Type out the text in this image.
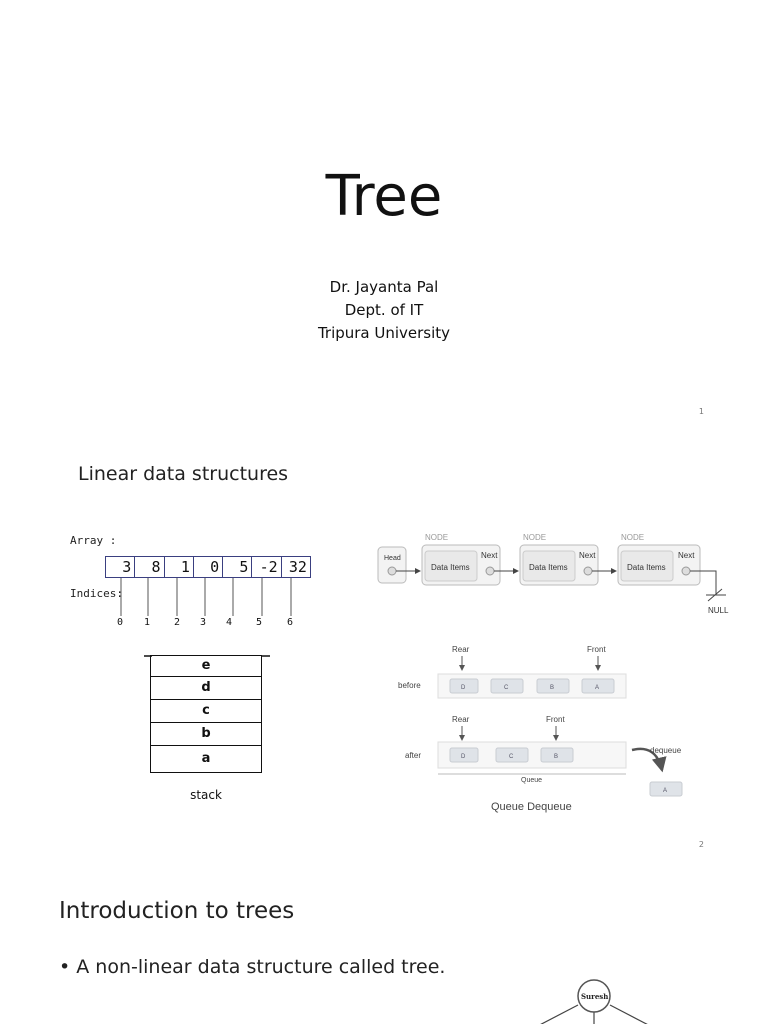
Tree
Dr. Jayanta Pal
Dept. of IT
Tripura University
1
Linear data structures
Array :
3	8	1	0	5 -2 32
Indices:
0 1 2 3 4 5 6
e
d
c
b
a
stack
Head
NODE
Data Items
Next
NODE
Data Items
Next
NODE
Data Items
Next
NULL
Rear	Front
before	D	C	B	A
Rear	Front
after	D	C	B
Queue
dequeue
A
Queue Dequeue
2
Introduction to trees
• A non-linear data structure called tree.
Suresh
